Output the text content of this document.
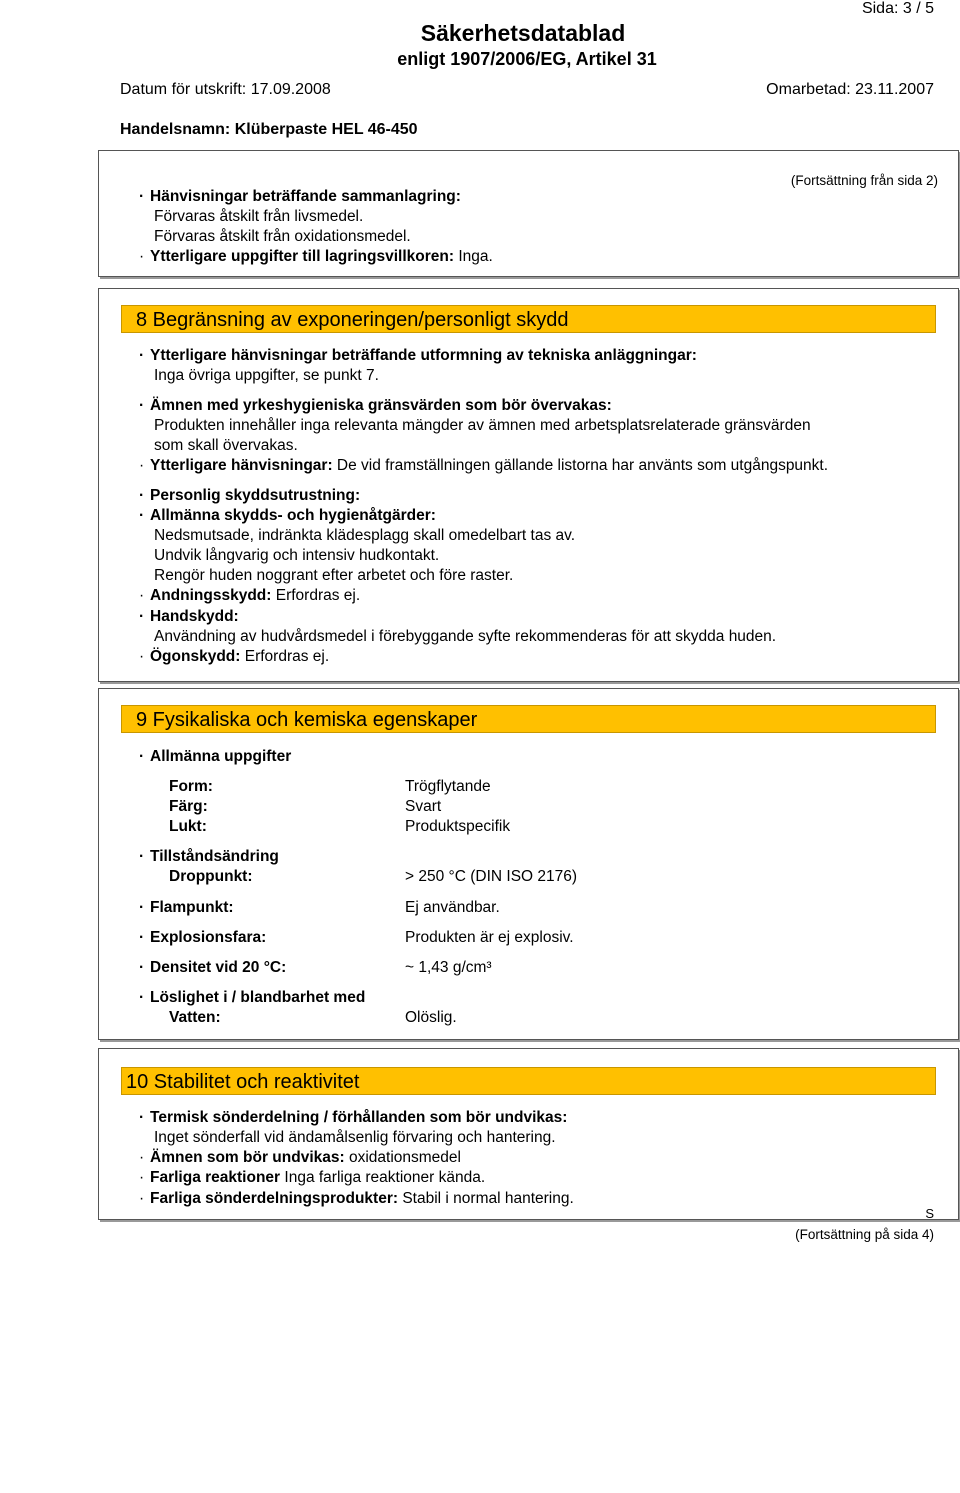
Sida: 3 / 5
Säkerhetsdatablad
enligt 1907/2006/EG, Artikel 31
Datum för utskrift: 17.09.2008	Omarbetad: 23.11.2007
Handelsnamn: Klüberpaste HEL 46-450
(Fortsättning från sida 2)
· Hänvisningar beträffande sammanlagring:
Förvaras åtskilt från livsmedel.
Förvaras åtskilt från oxidationsmedel.
· Ytterligare uppgifter till lagringsvillkoren: Inga.
8 Begränsning av exponeringen/personligt skydd
· Ytterligare hänvisningar beträffande utformning av tekniska anläggningar:
Inga övriga uppgifter, se punkt 7.
· Ämnen med yrkeshygieniska gränsvärden som bör övervakas:
Produkten innehåller inga relevanta mängder av ämnen med arbetsplatsrelaterade gränsvärden
som skall övervakas.
· Ytterligare hänvisningar: De vid framställningen gällande listorna har använts som utgångspunkt.
· Personlig skyddsutrustning:
· Allmänna skydds- och hygienåtgärder:
Nedsmutsade, indränkta klädesplagg skall omedelbart tas av.
Undvik långvarig och intensiv hudkontakt.
Rengör huden noggrant efter arbetet och före raster.
· Andningsskydd: Erfordras ej.
· Handskydd:
Användning av hudvårdsmedel i förebyggande syfte rekommenderas för att skydda huden.
· Ögonskydd: Erfordras ej.
9 Fysikaliska och kemiska egenskaper
· Allmänna uppgifter
Form:	Trögflytande
Färg:	Svart
Lukt:	Produktspecifik
· Tillståndsändring
Droppunkt:	> 250 °C (DIN ISO 2176)
· Flampunkt:	Ej användbar.
· Explosionsfara:	Produkten är ej explosiv.
· Densitet vid 20 °C:	~ 1,43 g/cm³
· Löslighet i / blandbarhet med
Vatten:	Olöslig.
10 Stabilitet och reaktivitet
· Termisk sönderdelning / förhållanden som bör undvikas:
Inget sönderfall vid ändamålsenlig förvaring och hantering.
· Ämnen som bör undvikas: oxidationsmedel
· Farliga reaktioner Inga farliga reaktioner kända.
· Farliga sönderdelningsprodukter: Stabil i normal hantering.
S
(Fortsättning på sida 4)
